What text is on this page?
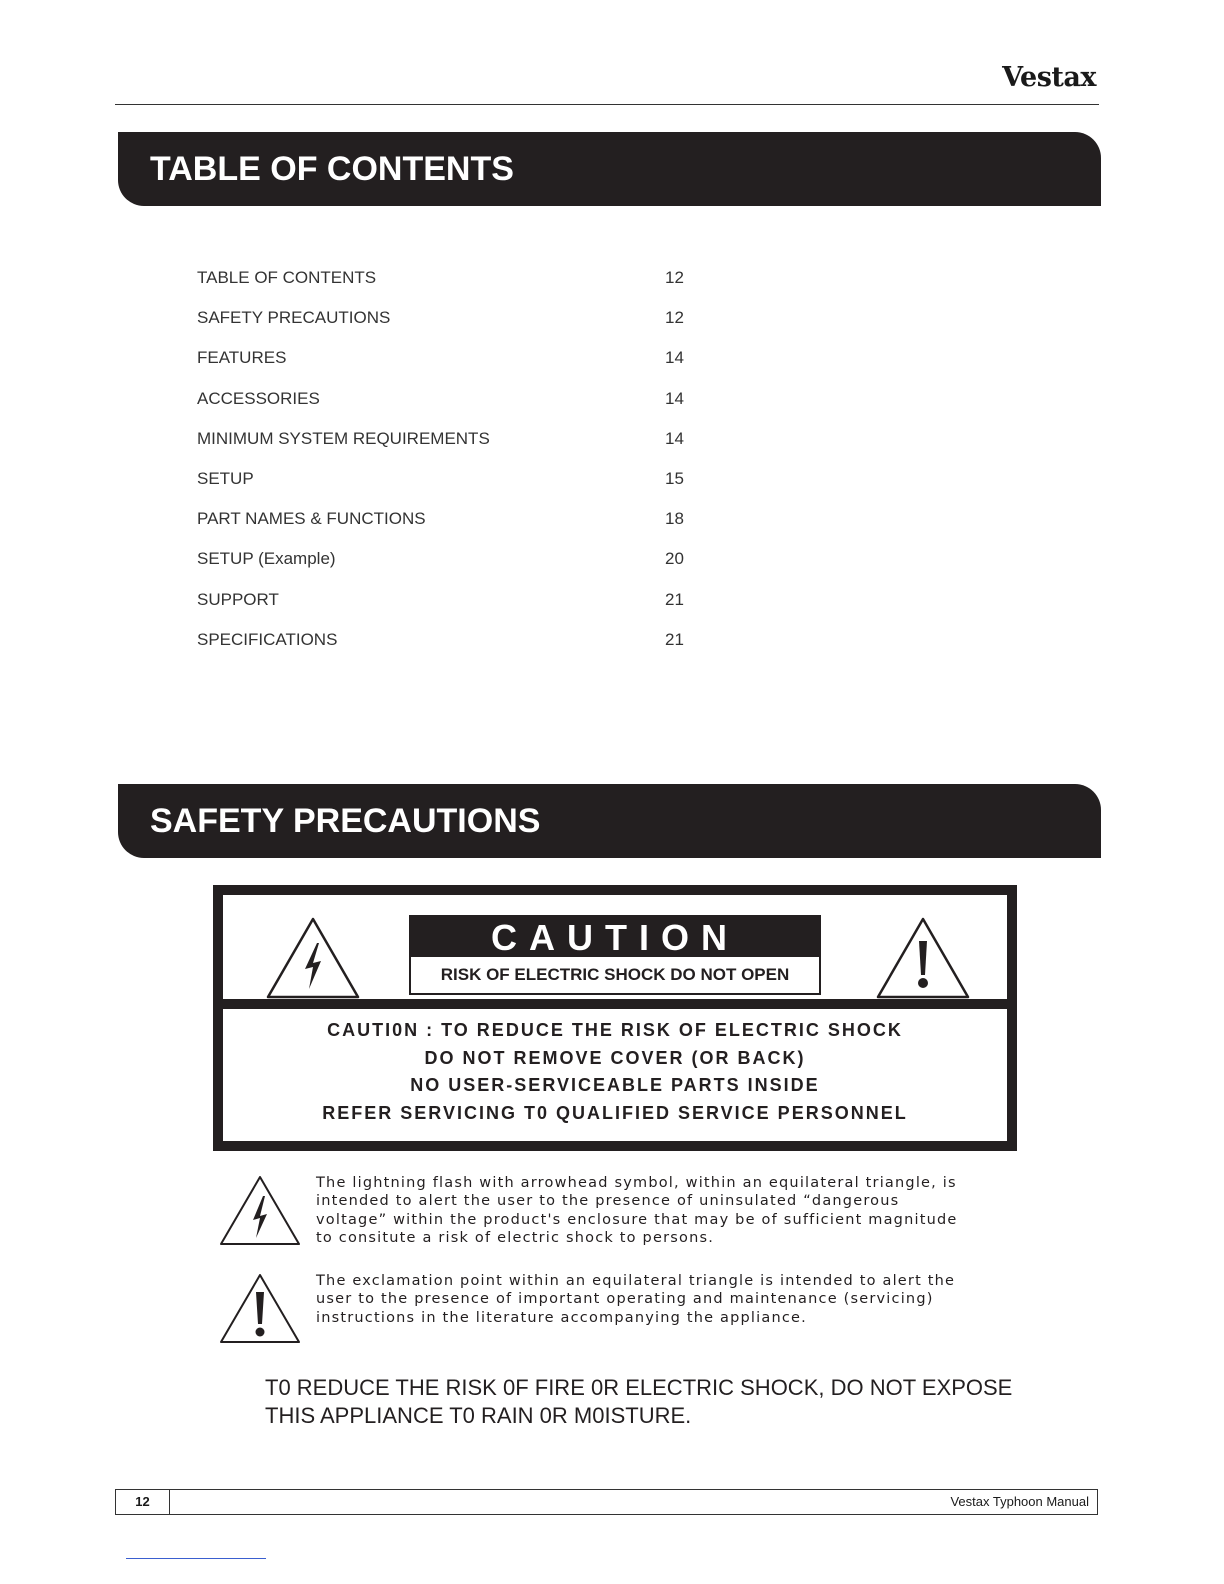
Vestax
TABLE OF CONTENTS
TABLE OF CONTENTS	12
SAFETY PRECAUTIONS	12
FEATURES	14
ACCESSORIES	14
MINIMUM SYSTEM REQUIREMENTS	14
SETUP	15
PART NAMES & FUNCTIONS	18
SETUP (Example)	20
SUPPORT	21
SPECIFICATIONS	21
SAFETY PRECAUTIONS
CAUTION
RISK OF ELECTRIC SHOCK DO NOT OPEN
CAUTI0N : TO REDUCE THE RISK OF ELECTRIC SHOCK
DO NOT REMOVE COVER (OR BACK)
NO USER-SERVICEABLE PARTS INSIDE
REFER SERVICING T0 QUALIFIED SERVICE PERSONNEL

The lightning flash with arrowhead symbol, within an equilateral triangle, is
intended to alert the user to the presence of uninsulated “dangerous
voltage” within the product's enclosure that may be of sufficient magnitude
to consitute a risk of electric shock to persons.

The exclamation point within an equilateral triangle is intended to alert the
user to the presence of important operating and maintenance (servicing)
instructions in the literature accompanying the appliance.

T0 REDUCE THE RISK 0F FIRE 0R ELECTRIC SHOCK, DO NOT EXPOSE
THIS APPLIANCE T0 RAIN 0R M0ISTURE.

12	Vestax Typhoon Manual
